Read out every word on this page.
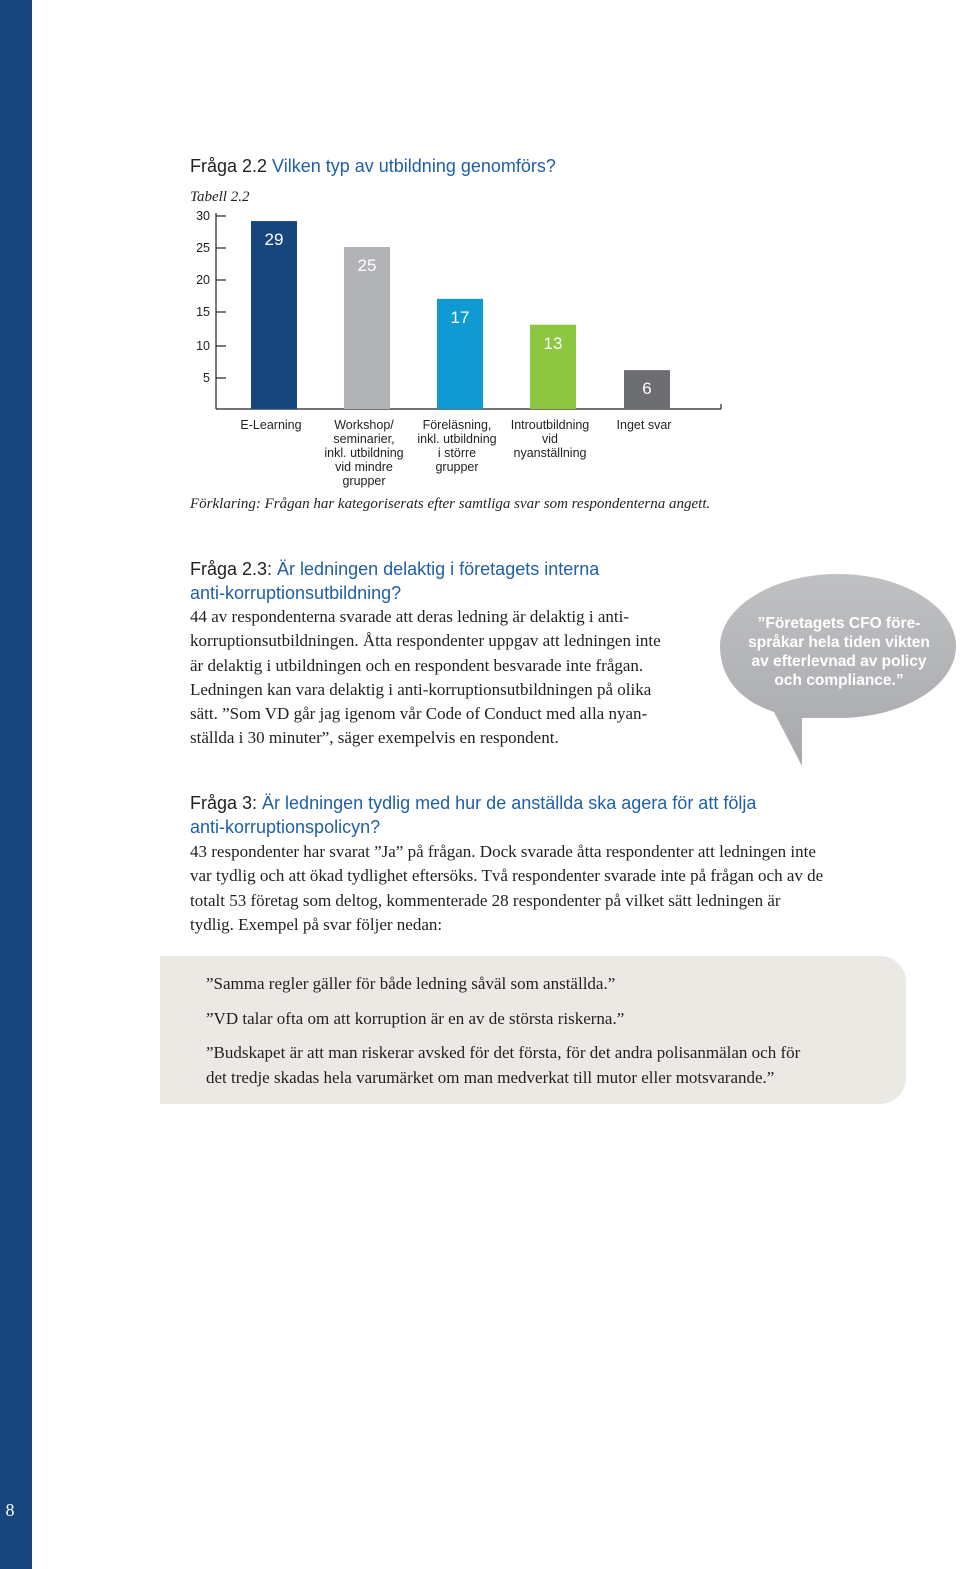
8
Fråga 2.2 Vilken typ av utbildning genomförs?
Tabell 2.2
30
25
20
15
10
5
29
E-Learning
25
Workshop/
seminarier,
inkl. utbildning
vid mindre
grupper
17
Föreläsning,
inkl. utbildning
i större
grupper
13
Introutbildning
vid
nyanställning
6
Inget svar
Förklaring: Frågan har kategoriserats efter samtliga svar som respondenterna angett.
Fråga 2.3: Är ledningen delaktig i företagets interna
anti-korruptionsutbildning?
44 av respondenterna svarade att deras ledning är delaktig i anti-
korruptionsutbildningen. Åtta respondenter uppgav att ledningen inte
är delaktig i utbildningen och en respondent besvarade inte frågan.
Ledningen kan vara delaktig i anti-korruptionsutbildningen på olika
sätt. ”Som VD går jag igenom vår Code of Conduct med alla nyan-
ställda i 30 minuter”, säger exempelvis en respondent.
”Företagets CFO före-
språkar hela tiden vikten
av efterlevnad av policy
och compliance.”
Fråga 3: Är ledningen tydlig med hur de anställda ska agera för att följa
anti-korruptionspolicyn?
43 respondenter har svarat ”Ja” på frågan. Dock svarade åtta respondenter att ledningen inte
var tydlig och att ökad tydlighet eftersöks. Två respondenter svarade inte på frågan och av de
totalt 53 företag som deltog, kommenterade 28 respondenter på vilket sätt ledningen är
tydlig. Exempel på svar följer nedan:
”Samma regler gäller för både ledning såväl som anställda.”
”VD talar ofta om att korruption är en av de största riskerna.”
”Budskapet är att man riskerar avsked för det första, för det andra polisanmälan och för
det tredje skadas hela varumärket om man medverkat till mutor eller motsvarande.”
